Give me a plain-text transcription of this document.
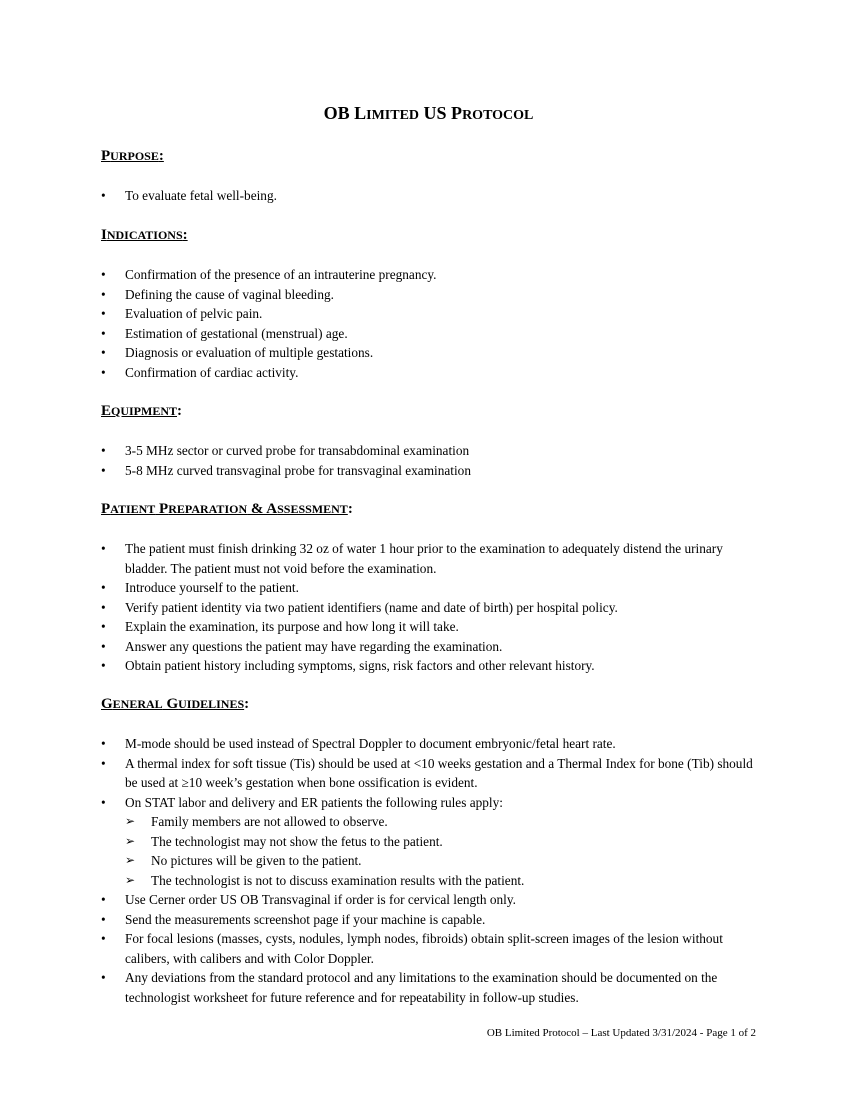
OB LIMITED US PROTOCOL
PURPOSE:
•	To evaluate fetal well-being.
INDICATIONS:
•	Confirmation of the presence of an intrauterine pregnancy.
•	Defining the cause of vaginal bleeding.
•	Evaluation of pelvic pain.
•	Estimation of gestational (menstrual) age.
•	Diagnosis or evaluation of multiple gestations.
•	Confirmation of cardiac activity.
EQUIPMENT:
•	3-5 MHz sector or curved probe for transabdominal examination
•	5-8 MHz curved transvaginal probe for transvaginal examination
PATIENT PREPARATION & ASSESSMENT:
•	The patient must finish drinking 32 oz of water 1 hour prior to the examination to adequately distend the urinary bladder. The patient must not void before the examination.
•	Introduce yourself to the patient.
•	Verify patient identity via two patient identifiers (name and date of birth) per hospital policy.
•	Explain the examination, its purpose and how long it will take.
•	Answer any questions the patient may have regarding the examination.
•	Obtain patient history including symptoms, signs, risk factors and other relevant history.
GENERAL GUIDELINES:
•	M-mode should be used instead of Spectral Doppler to document embryonic/fetal heart rate.
•	A thermal index for soft tissue (Tis) should be used at <10 weeks gestation and a Thermal Index for bone (Tib) should be used at ≥10 week’s gestation when bone ossification is evident.
•	On STAT labor and delivery and ER patients the following rules apply:
➢ Family members are not allowed to observe.
➢ The technologist may not show the fetus to the patient.
➢ No pictures will be given to the patient.
➢ The technologist is not to discuss examination results with the patient.
•	Use Cerner order US OB Transvaginal if order is for cervical length only.
•	Send the measurements screenshot page if your machine is capable.
•	For focal lesions (masses, cysts, nodules, lymph nodes, fibroids) obtain split-screen images of the lesion without calibers, with calibers and with Color Doppler.
•	Any deviations from the standard protocol and any limitations to the examination should be documented on the technologist worksheet for future reference and for repeatability in follow-up studies.
OB Limited Protocol – Last Updated 3/31/2024 - Page 1 of 2
